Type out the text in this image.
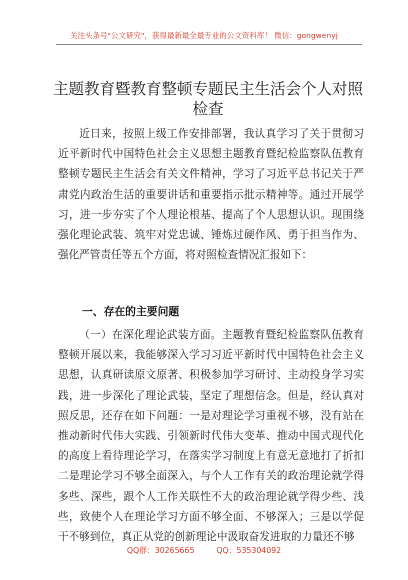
关注头条号"公文研究"，获得最新最全最专业的公文资料库！ 微信：gongwenyj
主题教育暨教育整顿专题民主生活会个人对照检查

近日来，按照上级工作安排部署，我认真学习了关于贯彻习近平新时代中国特色社会主义思想主题教育暨纪检监察队伍教育整顿专题民主生活会有关文件精神，学习了习近平总书记关于严肃党内政治生活的重要讲话和重要指示批示精神等。通过开展学习，进一步夯实了个人理论根基、提高了个人思想认识。现围绕强化理论武装、筑牢对党忠诚、锤炼过硬作风、勇于担当作为、强化严管责任等五个方面，将对照检查情况汇报如下：

一、存在的主要问题

（一）在深化理论武装方面。主题教育暨纪检监察队伍教育整顿开展以来，我能够深入学习习近平新时代中国特色社会主义思想，认真研读原文原著、积极参加学习研讨、主动投身学习实践，进一步深化了理论武装，坚定了理想信念。但是，经认真对照反思，还存在如下问题：一是对理论学习重视不够，没有站在推动新时代伟大实践、引领新时代伟大变革、推动中国式现代化的高度上看待理论学习，在落实学习制度上有意无意地打了折扣二是理论学习不够全面深入，与个人工作有关的政治理论就学得多些、深些，跟个人工作关联性不大的政治理论就学得少些、浅些，致使个人在理论学习方面不够全面、不够深入；三是以学促干不够到位，真正从党的创新理论中汲取奋发进取的力量还不够

QQ群：30265665	QQ：535304092
